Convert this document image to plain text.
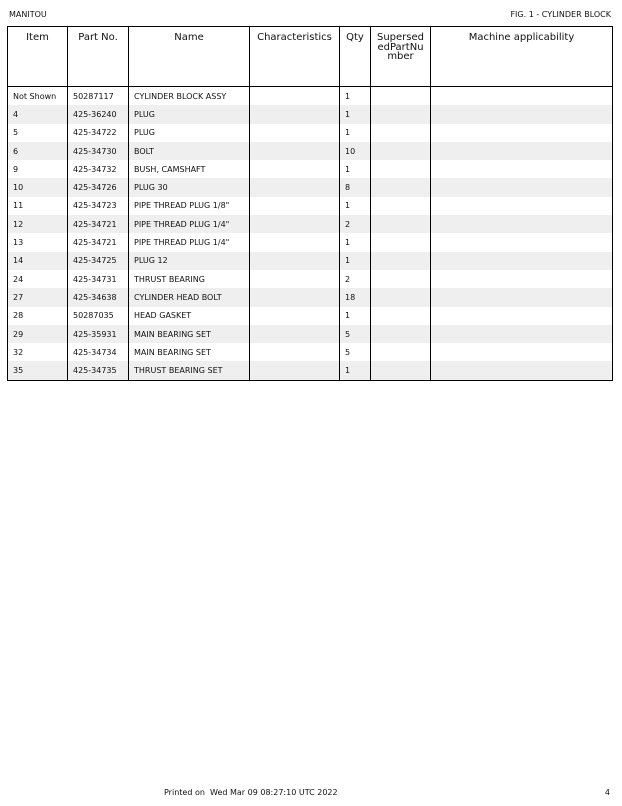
MANITOU	FIG. 1 - CYLINDER BLOCK
Item	Part No.	Name	Characteristics	Qty	SupersededPartNumber	Machine applicability
Not Shown	50287117	CYLINDER BLOCK ASSY		1		
4	425-36240	PLUG		1		
5	425-34722	PLUG		1		
6	425-34730	BOLT		10		
9	425-34732	BUSH, CAMSHAFT		1		
10	425-34726	PLUG 30		8		
11	425-34723	PIPE THREAD PLUG 1/8"		1		
12	425-34721	PIPE THREAD PLUG 1/4"		2		
13	425-34721	PIPE THREAD PLUG 1/4"		1		
14	425-34725	PLUG 12		1		
24	425-34731	THRUST BEARING		2		
27	425-34638	CYLINDER HEAD BOLT		18		
28	50287035	HEAD GASKET		1		
29	425-35931	MAIN BEARING SET		5		
32	425-34734	MAIN BEARING SET		5		
35	425-34735	THRUST BEARING SET		1		
Printed on Wed Mar 09 08:27:10 UTC 2022	4
